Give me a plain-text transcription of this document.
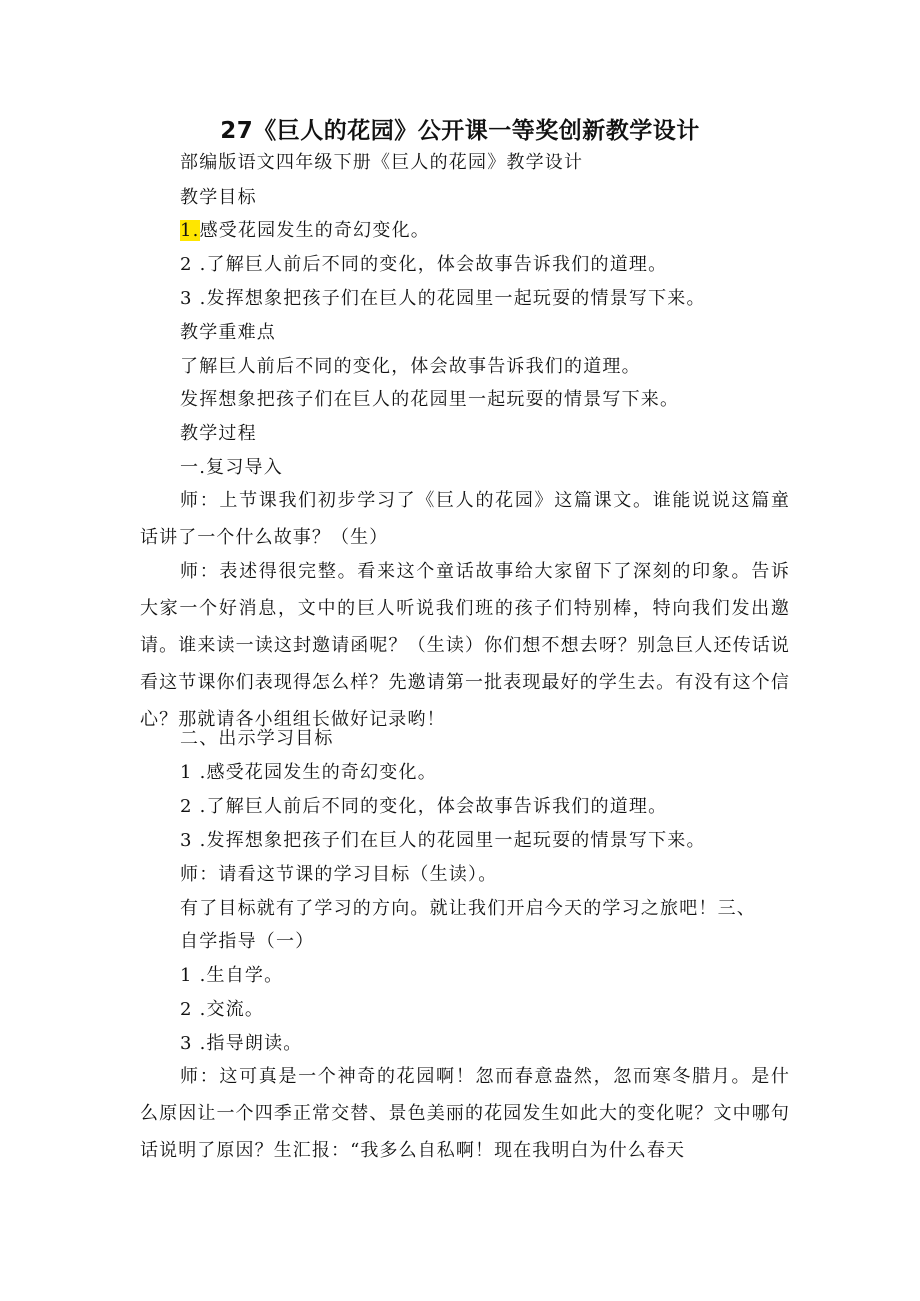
27《巨人的花园》公开课一等奖创新教学设计
部编版语文四年级下册《巨人的花园》教学设计
教学目标
1.感受花园发生的奇幻变化。
2 .了解巨人前后不同的变化，体会故事告诉我们的道理。
3 .发挥想象把孩子们在巨人的花园里一起玩耍的情景写下来。
教学重难点
了解巨人前后不同的变化，体会故事告诉我们的道理。
发挥想象把孩子们在巨人的花园里一起玩耍的情景写下来。
教学过程
一.复习导入

师：上节课我们初步学习了《巨人的花园》这篇课文。谁能说说这篇童话讲了一个什么故事？（生）

师：表述得很完整。看来这个童话故事给大家留下了深刻的印象。告诉大家一个好消息，文中的巨人听说我们班的孩子们特别棒，特向我们发出邀请。谁来读一读这封邀请函呢？（生读）你们想不想去呀？别急巨人还传话说看这节课你们表现得怎么样？先邀请第一批表现最好的学生去。有没有这个信心？那就请各小组组长做好记录哟！

二、出示学习目标
1 .感受花园发生的奇幻变化。
2 .了解巨人前后不同的变化，体会故事告诉我们的道理。
3 .发挥想象把孩子们在巨人的花园里一起玩耍的情景写下来。
师：请看这节课的学习目标（生读）。
有了目标就有了学习的方向。就让我们开启今天的学习之旅吧！三、
自学指导（一）
1 .生自学。
2 .交流。
3 .指导朗读。

师：这可真是一个神奇的花园啊！忽而春意盎然，忽而寒冬腊月。是什么原因让一个四季正常交替、景色美丽的花园发生如此大的变化呢？文中哪句话说明了原因？生汇报：“我多么自私啊！现在我明白为什么春天
